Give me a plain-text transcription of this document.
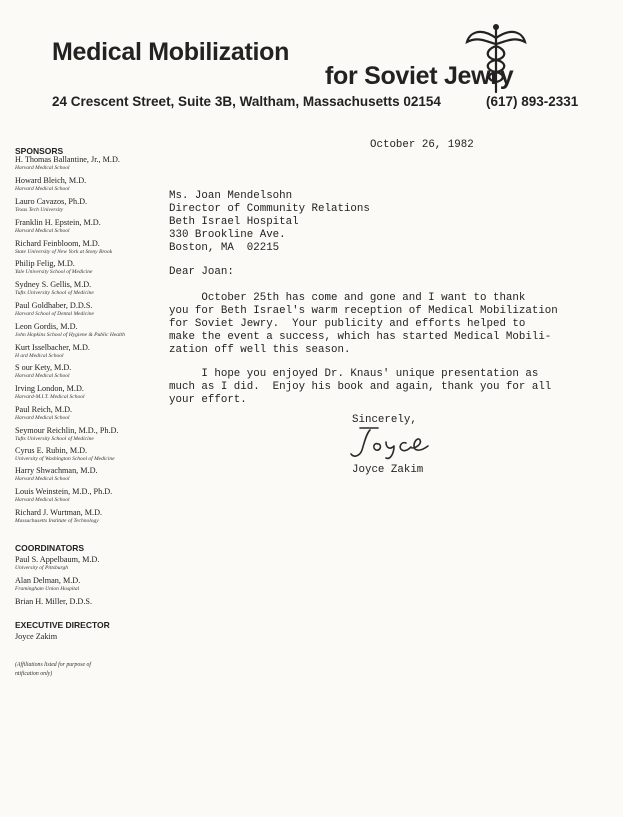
Medical Mobilization
for Soviet Jewry
24 Crescent Street, Suite 3B, Waltham, Massachusetts 02154	(617) 893-2331
SPONSORS
H. Thomas Ballantine, Jr., M.D.
Harvard Medical School
Howard Bleich, M.D.
Harvard Medical School
Lauro Cavazos, Ph.D.
Texas Tech University
Franklin H. Epstein, M.D.
Harvard Medical School
Richard Feinbloom, M.D.
State University of New York at Stony Brook
Philip Felig, M.D.
Yale University School of Medicine
Sydney S. Gellis, M.D.
Tufts University School of Medicine
Paul Goldhaber, D.D.S.
Harvard School of Dental Medicine
Leon Gordis, M.D.
John Hopkins School of Hygiene & Public Health
Kurt Isselbacher, M.D.
H ard Medical School
S our Kety, M.D.
Harvard Medical School
Irving London, M.D.
Harvard-M.I.T. Medical School
Paul Reich, M.D.
Harvard Medical School
Seymour Reichlin, M.D., Ph.D.
Tufts University School of Medicine
Cyrus E. Rubin, M.D.
University of Washington School of Medicine
Harry Shwachman, M.D.
Harvard Medical School
Louis Weinstein, M.D., Ph.D.
Harvard Medical School
Richard J. Wurtman, M.D.
Massachusetts Institute of Technology
COORDINATORS
Paul S. Appelbaum, M.D.
University of Pittsburgh
Alan Delman, M.D.
Framingham Union Hospital
Brian H. Miller, D.D.S.
EXECUTIVE DIRECTOR
Joyce Zakim
(Affiliations listed for purpose of
ntification only)
October 26, 1982
Ms. Joan Mendelsohn
Director of Community Relations
Beth Israel Hospital
330 Brookline Ave.
Boston, MA  02215
Dear Joan:
October 25th has come and gone and I want to thank
you for Beth Israel's warm reception of Medical Mobilization
for Soviet Jewry.  Your publicity and efforts helped to
make the event a success, which has started Medical Mobili-
zation off well this season.
I hope you enjoyed Dr. Knaus' unique presentation as
much as I did.  Enjoy his book and again, thank you for all
your effort.
Sincerely,
Joyce Zakim
